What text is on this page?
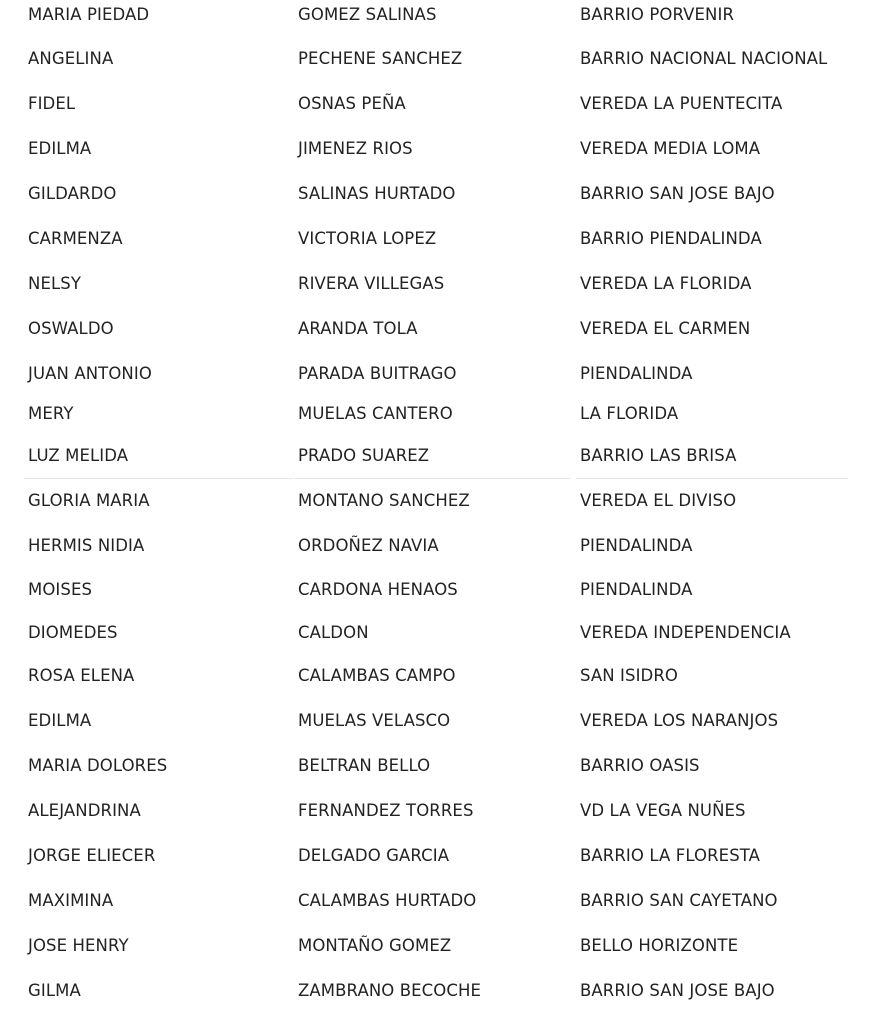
MARIA PIEDAD	GOMEZ SALINAS	BARRIO PORVENIR
ANGELINA	PECHENE SANCHEZ	BARRIO NACIONAL NACIONAL
FIDEL	OSNAS PEÑA	VEREDA LA PUENTECITA
EDILMA	JIMENEZ RIOS	VEREDA MEDIA LOMA
GILDARDO	SALINAS HURTADO	BARRIO SAN JOSE BAJO
CARMENZA	VICTORIA LOPEZ	BARRIO PIENDALINDA
NELSY	RIVERA VILLEGAS	VEREDA LA FLORIDA
OSWALDO	ARANDA TOLA	VEREDA EL CARMEN
JUAN ANTONIO	PARADA BUITRAGO	PIENDALINDA
MERY	MUELAS CANTERO	LA FLORIDA
LUZ MELIDA	PRADO SUAREZ	BARRIO LAS BRISA
GLORIA MARIA	MONTANO SANCHEZ	VEREDA EL DIVISO
HERMIS NIDIA	ORDOÑEZ NAVIA	PIENDALINDA
MOISES	CARDONA HENAOS	PIENDALINDA
DIOMEDES	CALDON	VEREDA INDEPENDENCIA
ROSA ELENA	CALAMBAS CAMPO	SAN ISIDRO
EDILMA	MUELAS VELASCO	VEREDA LOS NARANJOS
MARIA DOLORES	BELTRAN BELLO	BARRIO OASIS
ALEJANDRINA	FERNANDEZ TORRES	VD LA VEGA NUÑES
JORGE ELIECER	DELGADO GARCIA	BARRIO LA FLORESTA
MAXIMINA	CALAMBAS HURTADO	BARRIO SAN CAYETANO
JOSE HENRY	MONTAÑO GOMEZ	BELLO HORIZONTE
GILMA	ZAMBRANO BECOCHE	BARRIO SAN JOSE BAJO
